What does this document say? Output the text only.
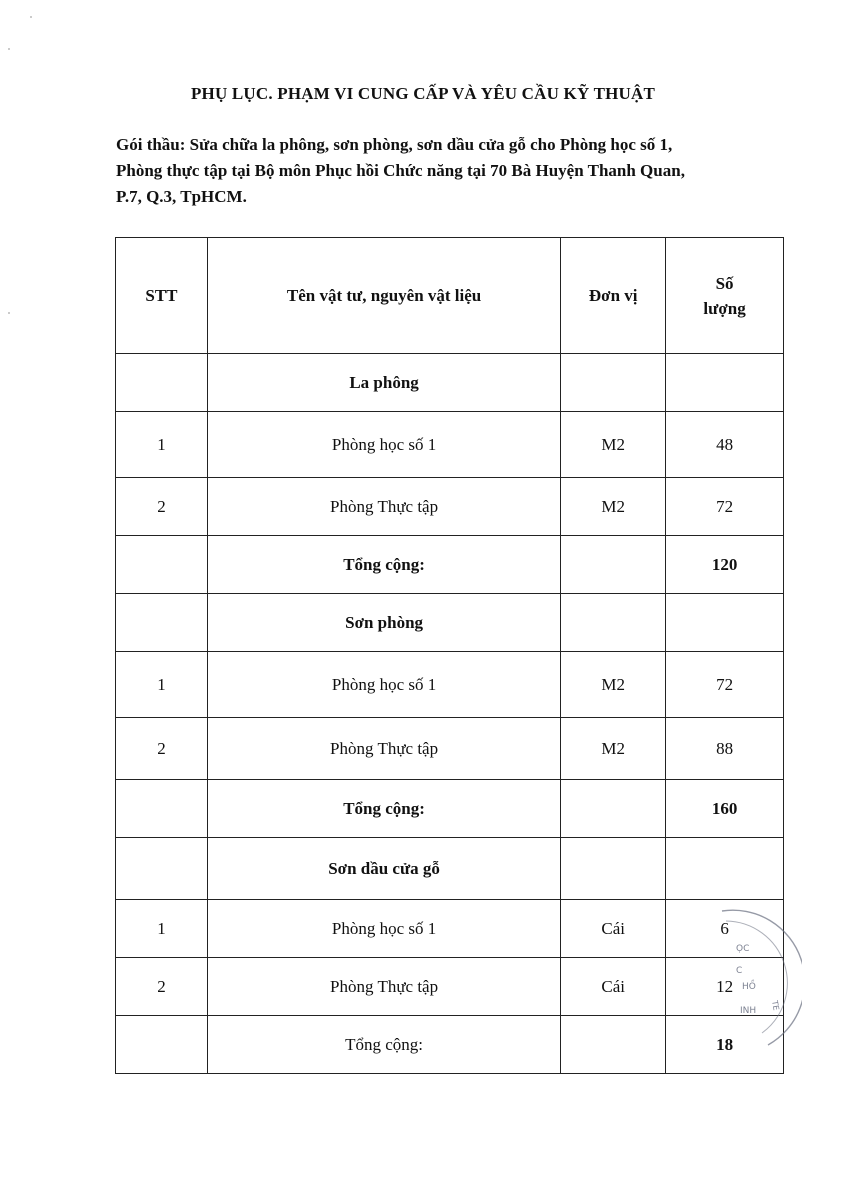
PHỤ LỤC. PHẠM VI CUNG CẤP VÀ YÊU CẦU KỸ THUẬT
Gói thầu: Sửa chữa la phông, sơn phòng, sơn dầu cửa gỗ cho Phòng học số 1,
Phòng thực tập tại Bộ môn Phục hồi Chức năng tại 70 Bà Huyện Thanh Quan,
P.7, Q.3, TpHCM.
STT	Tên vật tư, nguyên vật liệu	Đơn vị	Số
lượng
	La phông		
1	Phòng học số 1	M2	48
2	Phòng Thực tập	M2	72
	Tổng cộng:		120
	Sơn phòng		
1	Phòng học số 1	M2	72
2	Phòng Thực tập	M2	88
	Tổng cộng:		160
	Sơn dầu cửa gỗ		
1	Phòng học số 1	Cái	6
2	Phòng Thực tập	Cái	12
	Tổng cộng:		18
ỌC
C
HỒ
INH TE
